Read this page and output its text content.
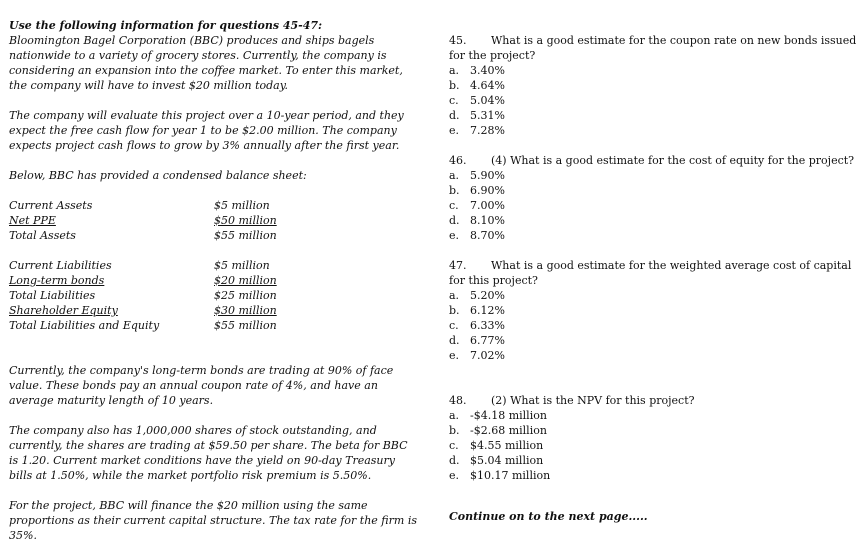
Use the following information for questions 45-47:

Bloomington Bagel Corporation (BBC) produces and ships bagels nationwide to a variety of grocery stores. Currently, the company is considering an expansion into the coffee market. To enter this market, the company will have to invest $20 million today.

The company will evaluate this project over a 10-year period, and they expect the free cash flow for year 1 to be $2.00 million. The company expects project cash flows to grow by 3% annually after the first year.

Below, BBC has provided a condensed balance sheet:

Current Assets	$5 million
Net PPE	$50 million
Total Assets	$55 million
Current Liabilities	$5 million
Long-term bonds	$20 million
Total Liabilities	$25 million
Shareholder Equity	$30 million
Total Liabilities and Equity	$55 million

Currently, the company's long-term bonds are trading at 90% of face value. These bonds pay an annual coupon rate of 4%, and have an average maturity length of 10 years.

The company also has 1,000,000 shares of stock outstanding, and currently, the shares are trading at $59.50 per share. The beta for BBC is 1.20. Current market conditions have the yield on 90-day Treasury bills at 1.50%, while the market portfolio risk premium is 5.50%.

For the project, BBC will finance the $20 million using the same proportions as their current capital structure. The tax rate for the firm is 35%.

45. What is a good estimate for the coupon rate on new bonds issued for the project?

a. 3.40%
b. 4.64%
c.	5.04%
d. 5.31%
e. 7.28%

46. (4) What is a good estimate for the cost of equity for the project?

a. 5.90%
b. 6.90%
c.	7.00%
d. 8.10%
e. 8.70%

47. What is a good estimate for the weighted average cost of capital for this project?

a. 5.20%
b. 6.12%
c.	6.33%
d. 6.77%
e. 7.02%

48. (2) What is the NPV for this project?

a. -$4.18 million
b. -$2.68 million
c.	$4.55 million
d. $5.04 million
e. $10.17 million

Continue on to the next page.....
